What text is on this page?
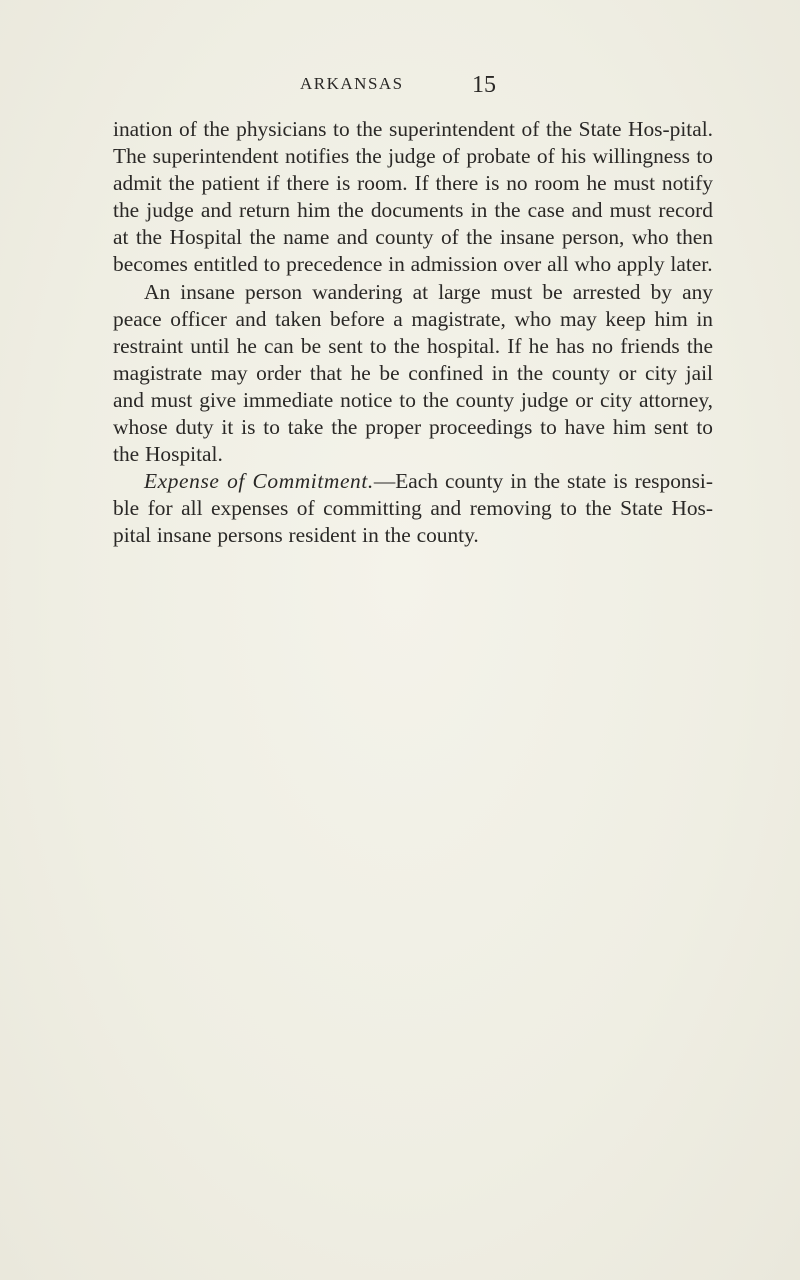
ARKANSAS	15

ination of the physicians to the superintendent of the State Hos-pital. The superintendent notifies the judge of probate of his willingness to admit the patient if there is room. If there is no room he must notify the judge and return him the documents in the case and must record at the Hospital the name and county of the insane person, who then becomes entitled to precedence in admission over all who apply later.

An insane person wandering at large must be arrested by any peace officer and taken before a magistrate, who may keep him in restraint until he can be sent to the hospital. If he has no friends the magistrate may order that he be confined in the county or city jail and must give immediate notice to the county judge or city attorney, whose duty it is to take the proper proceedings to have him sent to the Hospital.

Expense of Commitment.—Each county in the state is responsi-ble for all expenses of committing and removing to the State Hos-pital insane persons resident in the county.
